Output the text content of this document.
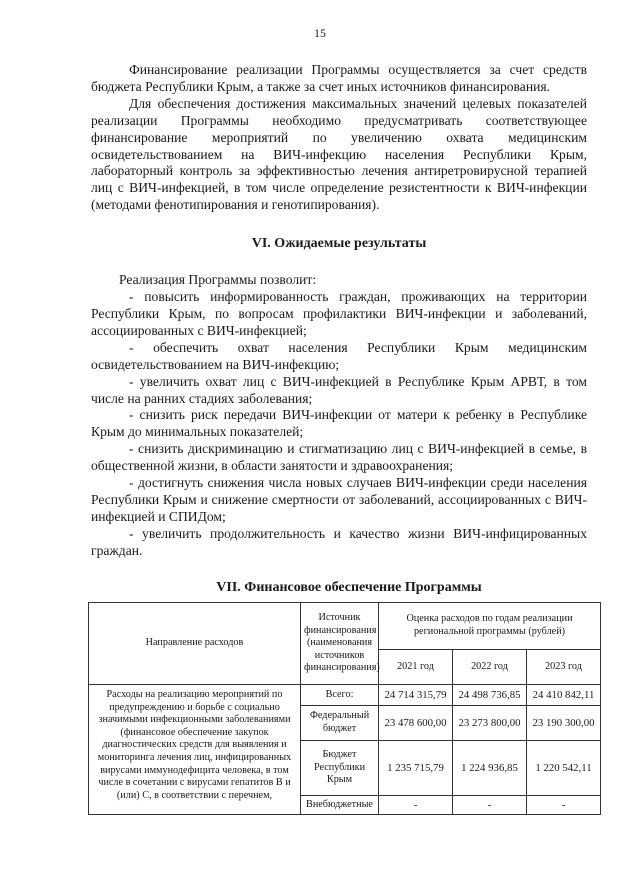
15

Финансирование реализации Программы осуществляется за счет средств бюджета Республики Крым, а также за счет иных источников финансирования.

Для обеспечения достижения максимальных значений целевых показателей реализации Программы необходимо предусматривать соответствующее финансирование мероприятий по увеличению охвата медицинским освидетельствованием на ВИЧ-инфекцию населения Республики Крым, лабораторный контроль за эффективностью лечения антиретровирусной терапией лиц с ВИЧ-инфекцией, в том числе определение резистентности к ВИЧ-инфекции (методами фенотипирования и генотипирования).

VI. Ожидаемые результаты

Реализация Программы позволит:

- повысить информированность граждан, проживающих на территории Республики Крым, по вопросам профилактики ВИЧ-инфекции и заболеваний, ассоциированных с ВИЧ-инфекцией;

- обеспечить охват населения Республики Крым медицинским освидетельствованием на ВИЧ-инфекцию;

- увеличить охват лиц с ВИЧ-инфекцией в Республике Крым АРВТ, в том числе на ранних стадиях заболевания;

- снизить риск передачи ВИЧ-инфекции от матери к ребенку в Республике Крым до минимальных показателей;

- снизить дискриминацию и стигматизацию лиц с ВИЧ-инфекцией в семье, в общественной жизни, в области занятости и здравоохранения;

- достигнуть снижения числа новых случаев ВИЧ-инфекции среди населения Республики Крым и снижение смертности от заболеваний, ассоциированных с ВИЧ-инфекцией и СПИДом;

- увеличить продолжительность и качество жизни ВИЧ-инфицированных граждан.

VII. Финансовое обеспечение Программы
Направление расходов	Источник финансирования (наименования источников финансирования)	Оценка расходов по годам реализации региональной программы (рублей)		
		2021 год	2022 год	2023 год
Расходы на реализацию мероприятий по предупреждению и борьбе с социально значимыми инфекционными заболеваниями (финансовое обеспечение закупок диагностических средств для выявления и мониторинга лечения лиц, инфицированных вирусами иммунодефицита человека, в том числе в сочетании с вирусами гепатитов В и (или) С, в соответствии с перечнем,	Всего:	24 714 315,79	24 498 736,85	24 410 842,11
	Федеральный бюджет	23 478 600,00	23 273 800,00	23 190 300,00
	Бюджет Республики Крым	1 235 715,79	1 224 936,85	1 220 542,11
	Внебюджетные	-	-	-
